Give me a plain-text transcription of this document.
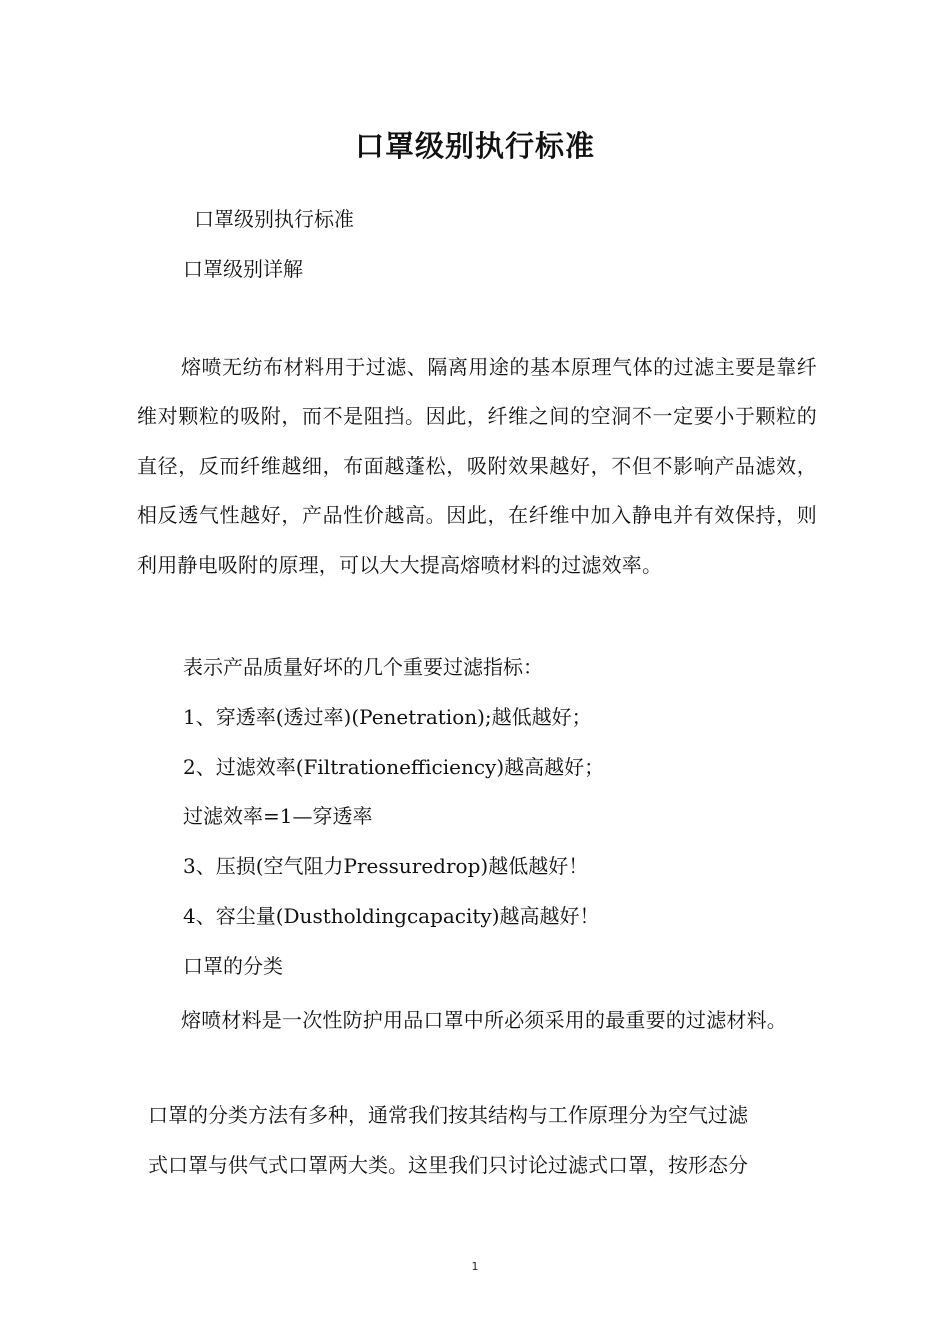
口罩级别执行标准

口罩级别执行标准

口罩级别详解

熔喷无纺布材料用于过滤、隔离用途的基本原理气体的过滤主要是靠纤维对颗粒的吸附，而不是阻挡。因此，纤维之间的空洞不一定要小于颗粒的直径，反而纤维越细，布面越蓬松，吸附效果越好，不但不影响产品滤效，相反透气性越好，产品性价越高。因此，在纤维中加入静电并有效保持，则利用静电吸附的原理，可以大大提高熔喷材料的过滤效率。

表示产品质量好坏的几个重要过滤指标：

1、穿透率(透过率)(Penetration);越低越好；

2、过滤效率(Filtrationefficiency)越高越好；

过滤效率=1—穿透率

3、压损(空气阻力Pressuredrop)越低越好！

4、容尘量(Dustholdingcapacity)越高越好！

口罩的分类

熔喷材料是一次性防护用品口罩中所必须采用的最重要的过滤材料。

口罩的分类方法有多种，通常我们按其结构与工作原理分为空气过滤

式口罩与供气式口罩两大类。这里我们只讨论过滤式口罩，按形态分

1
